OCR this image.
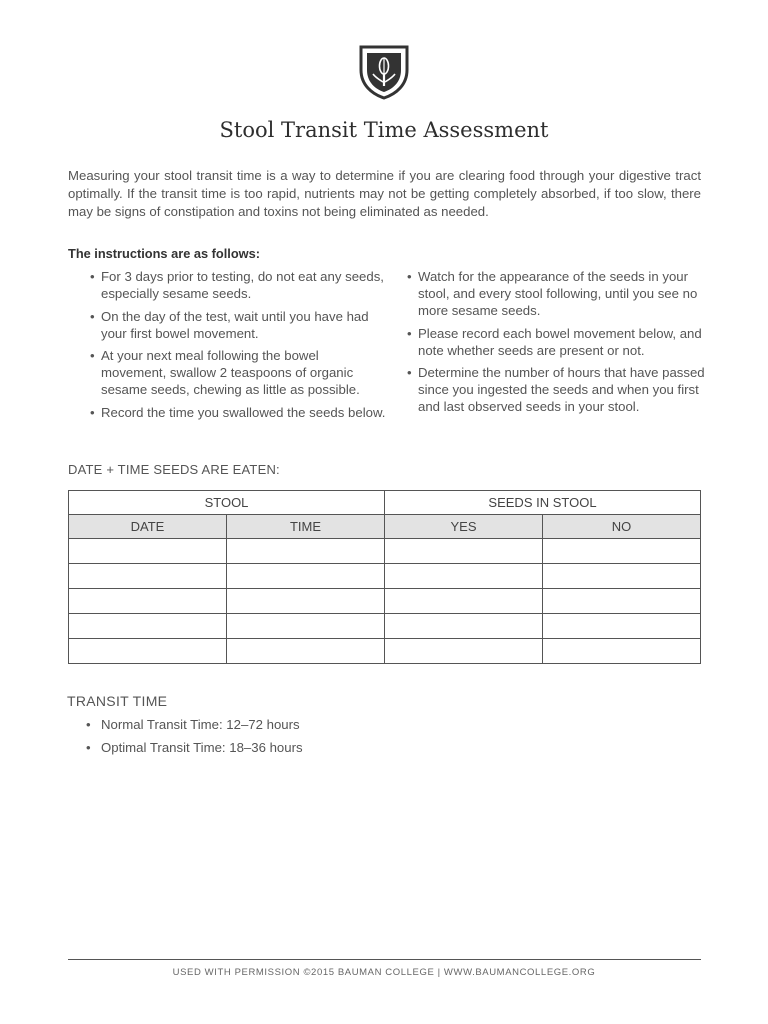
Stool Transit Time Assessment

Measuring your stool transit time is a way to determine if you are clearing food through your digestive tract optimally. If the transit time is too rapid, nutrients may not be getting completely absorbed, if too slow, there may be signs of constipation and toxins not being eliminated as needed.

The instructions are as follows:
• For 3 days prior to testing, do not eat any seeds, especially sesame seeds.
• On the day of the test, wait until you have had your first bowel movement.
• At your next meal following the bowel movement, swallow 2 teaspoons of organic sesame seeds, chewing as little as possible.
• Record the time you swallowed the seeds below.
• Watch for the appearance of the seeds in your stool, and every stool following, until you see no more sesame seeds.
• Please record each bowel movement below, and note whether seeds are present or not.
• Determine the number of hours that have passed since you ingested the seeds and when you first and last observed seeds in your stool.
DATE + TIME SEEDS ARE EATEN:
STOOL		SEEDS IN STOOL	
DATE	TIME	YES	NO

TRANSIT TIME
• Normal Transit Time: 12–72 hours
• Optimal Transit Time: 18–36 hours
USED WITH PERMISSION ©2015 BAUMAN COLLEGE | WWW.BAUMANCOLLEGE.ORG
